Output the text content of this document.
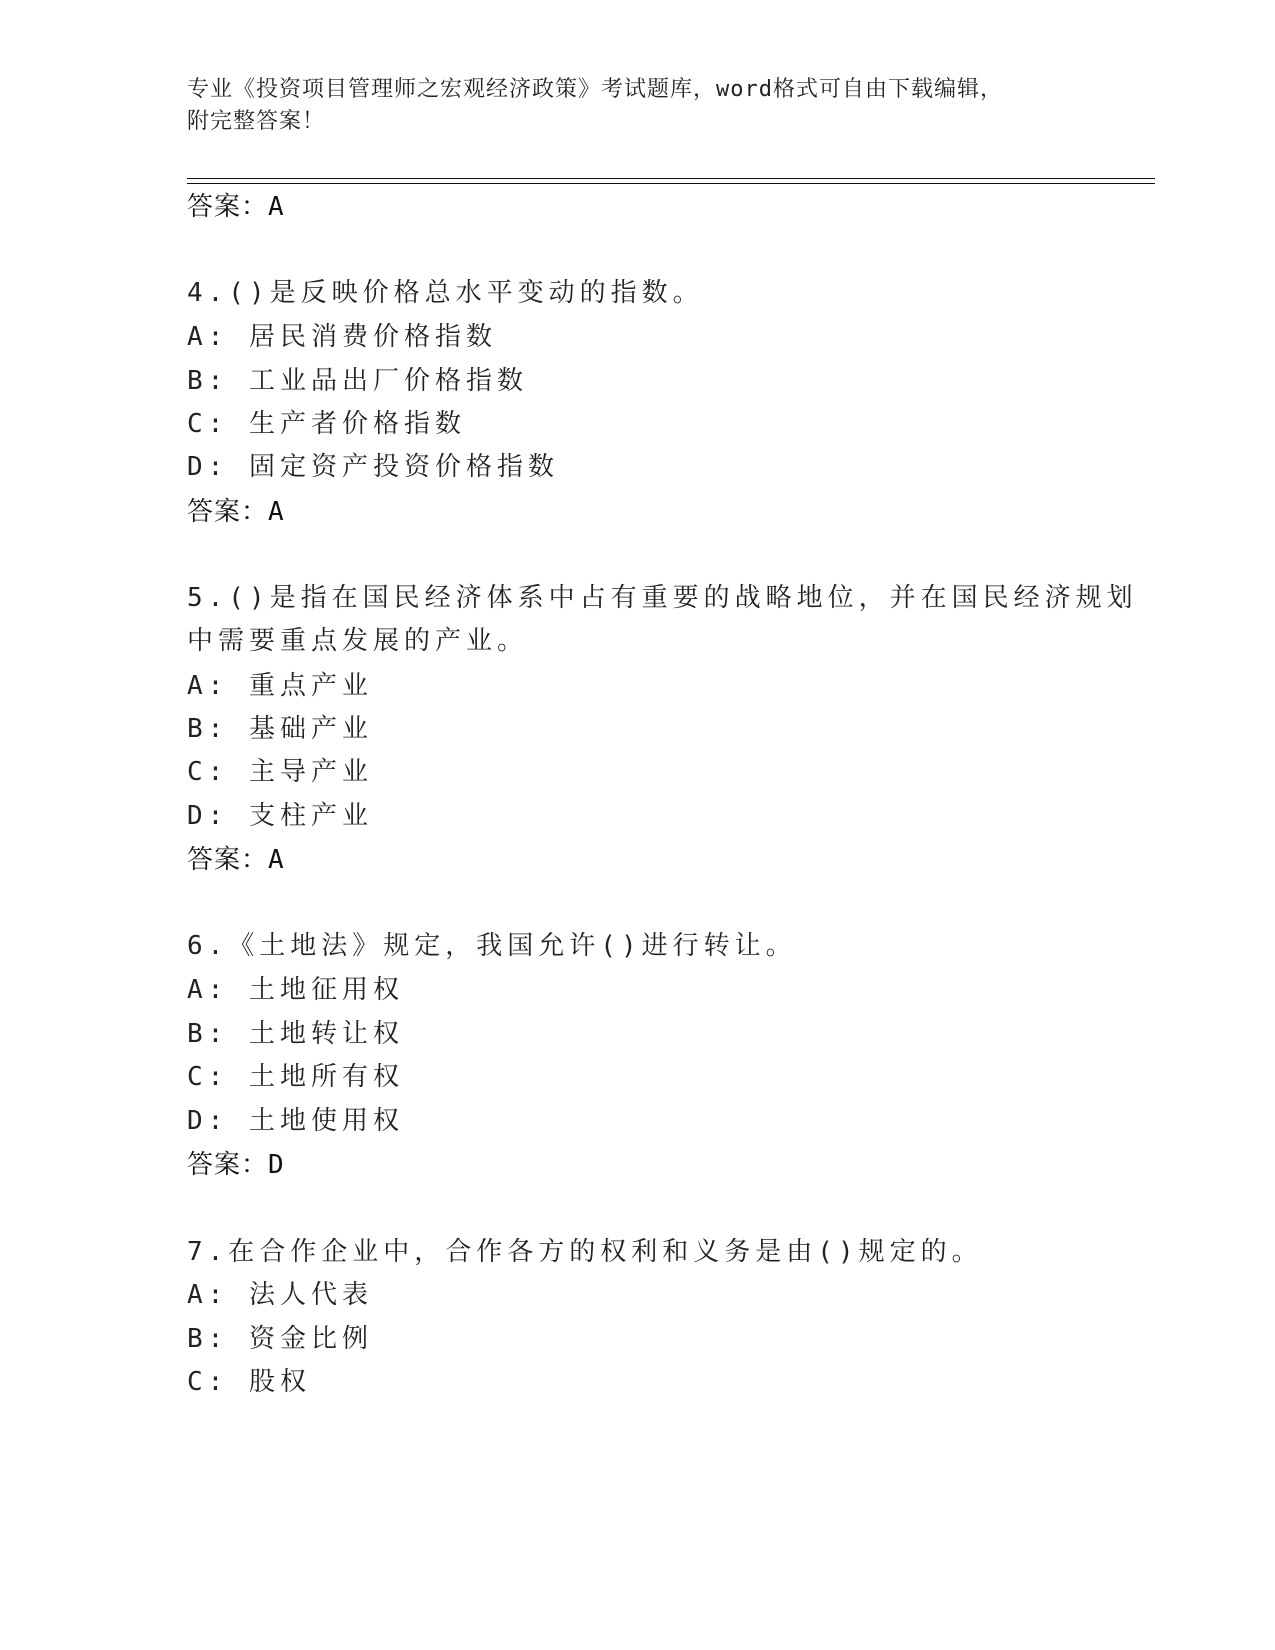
专业《投资项目管理师之宏观经济政策》考试题库，word格式可自由下载编辑，
附完整答案！
答案：A
4.()是反映价格总水平变动的指数。
A: 居民消费价格指数
B: 工业品出厂价格指数
C: 生产者价格指数
D: 固定资产投资价格指数
答案：A
5.()是指在国民经济体系中占有重要的战略地位，并在国民经济规划
中需要重点发展的产业。
A: 重点产业
B: 基础产业
C: 主导产业
D: 支柱产业
答案：A
6.《土地法》规定，我国允许()进行转让。
A: 土地征用权
B: 土地转让权
C: 土地所有权
D: 土地使用权
答案：D
7.在合作企业中，合作各方的权利和义务是由()规定的。
A: 法人代表
B: 资金比例
C: 股权
